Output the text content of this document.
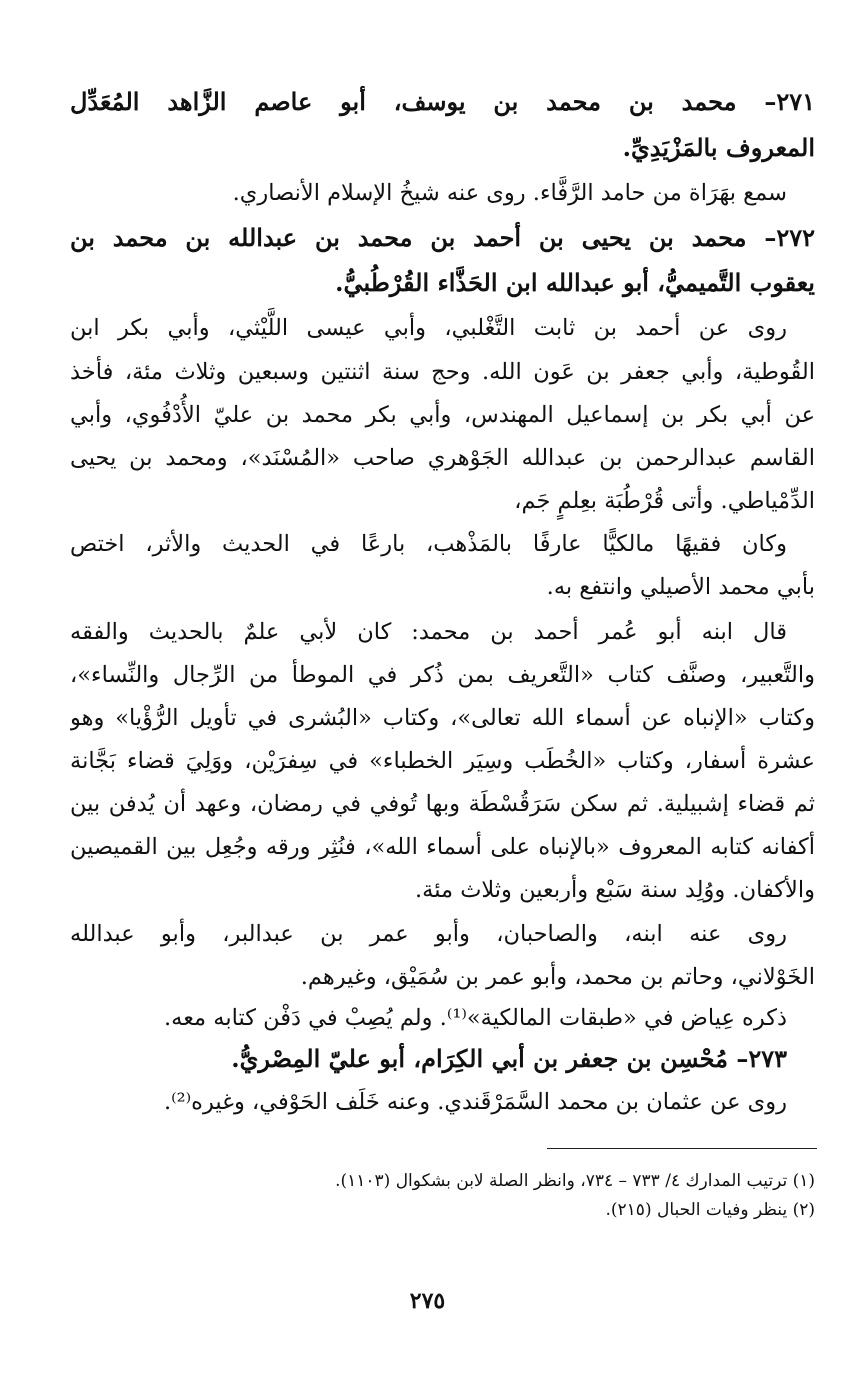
٢٧١– محمد بن محمد بن يوسف، أبو عاصم الزَّاهد المُعَدِّل
المعروف بالمَزْيَدِيِّ.
سمع بهَرَاة من حامد الرَّفَّاء. روى عنه شيخُ الإسلام الأنصاري.
٢٧٢– محمد بن يحيى بن أحمد بن محمد بن عبدالله بن محمد بن
يعقوب التَّميميُّ، أبو عبدالله ابن الحَذَّاء القُرْطُبيُّ.
روى عن أحمد بن ثابت التَّغْلبي، وأبي عيسى اللَّيْثي، وأبي بكر ابن
القُوطية، وأبي جعفر بن عَون الله. وحج سنة اثنتين وسبعين وثلاث مئة، فأخذ
عن أبي بكر بن إسماعيل المهندس، وأبي بكر محمد بن عليّ الأُدْفُوي، وأبي
القاسم عبدالرحمن بن عبدالله الجَوْهري صاحب «المُسْنَد»، ومحمد بن يحيى
الدِّمْياطي. وأتى قُرْطُبَة بعِلمٍ جَم،
وكان فقيهًا مالكيًّا عارفًا بالمَذْهب، بارعًا في الحديث والأثر، اختص
بأبي محمد الأصيلي وانتفع به.
قال ابنه أبو عُمر أحمد بن محمد: كان لأبي علمٌ بالحديث والفقه
والتَّعبير، وصنَّف كتاب «التَّعريف بمن ذُكر في الموطأ من الرِّجال والنِّساء»،
وكتاب «الإنباه عن أسماء الله تعالى»، وكتاب «البُشرى في تأويل الرُّؤْيا» وهو
عشرة أسفار، وكتاب «الخُطَب وسِيَر الخطباء» في سِفرَيْن، ووَلِيَ قضاء بَجَّانة
ثم قضاء إشبيلية. ثم سكن سَرَقُسْطَة وبها تُوفي في رمضان، وعهد أن يُدفن بين
أكفانه كتابه المعروف «بالإنباه على أسماء الله»، فنُثِر ورقه وجُعِل بين القميصين
والأكفان. ووُلِد سنة سَبْع وأربعين وثلاث مئة.
روى عنه ابنه، والصاحبان، وأبو عمر بن عبدالبر، وأبو عبدالله
الخَوْلاني، وحاتم بن محمد، وأبو عمر بن سُمَيْق، وغيرهم.
ذكره عِياض في «طبقات المالكية»⁽¹⁾. ولم يُصِبْ في دَفْن كتابه معه.
٢٧٣– مُحْسِن بن جعفر بن أبي الكِرَام، أبو عليّ المِصْريُّ.
روى عن عثمان بن محمد السَّمَرْقَندي. وعنه خَلَف الحَوْفي، وغيره⁽²⁾.
(١) ترتيب المدارك ٤/ ٧٣٣ – ٧٣٤، وانظر الصلة لابن بشكوال (١١٠٣).
(٢) ينظر وفيات الحبال (٢١٥).
٢٧٥
